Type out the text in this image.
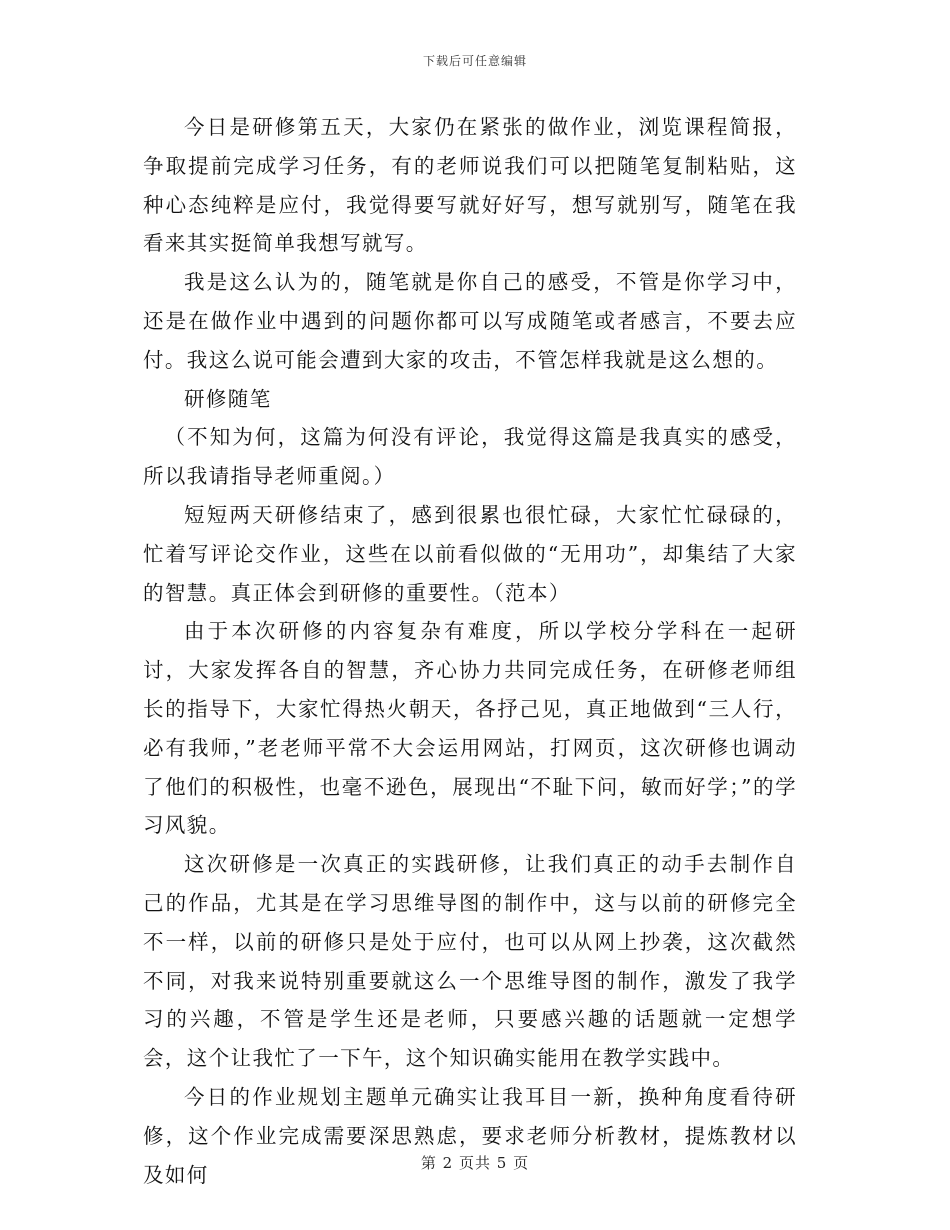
下载后可任意编辑

今日是研修第五天，大家仍在紧张的做作业，浏览课程简报，争取提前完成学习任务，有的老师说我们可以把随笔复制粘贴，这种心态纯粹是应付，我觉得要写就好好写，想写就别写，随笔在我看来其实挺简单我想写就写。

我是这么认为的，随笔就是你自己的感受，不管是你学习中，还是在做作业中遇到的问题你都可以写成随笔或者感言，不要去应付。我这么说可能会遭到大家的攻击，不管怎样我就是这么想的。

研修随笔

（不知为何，这篇为何没有评论，我觉得这篇是我真实的感受，所以我请指导老师重阅。）

短短两天研修结束了，感到很累也很忙碌，大家忙忙碌碌的，忙着写评论交作业，这些在以前看似做的“无用功”，却集结了大家的智慧。真正体会到研修的重要性。（范本）

由于本次研修的内容复杂有难度，所以学校分学科在一起研讨，大家发挥各自的智慧，齐心协力共同完成任务，在研修老师组长的指导下，大家忙得热火朝天，各抒己见，真正地做到“三人行，必有我师，”老老师平常不大会运用网站，打网页，这次研修也调动了他们的积极性，也毫不逊色，展现出“不耻下问，敏而好学；”的学习风貌。

这次研修是一次真正的实践研修，让我们真正的动手去制作自己的作品，尤其是在学习思维导图的制作中，这与以前的研修完全不一样，以前的研修只是处于应付，也可以从网上抄袭，这次截然不同，对我来说特别重要就这么一个思维导图的制作，激发了我学习的兴趣，不管是学生还是老师，只要感兴趣的话题就一定想学会，这个让我忙了一下午，这个知识确实能用在教学实践中。

今日的作业规划主题单元确实让我耳目一新，换种角度看待研修，这个作业完成需要深思熟虑，要求老师分析教材，提炼教材以及如何	第 2 页共 5 页
